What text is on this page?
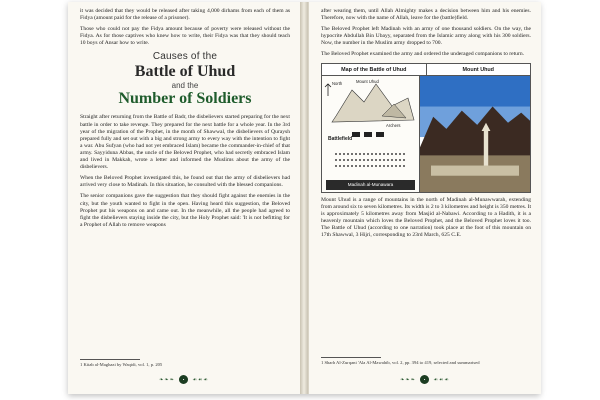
it was decided that they would be released after taking 4,000 dirhams from each of them as Fidya (amount paid for the release of a prisoner).

Those who could not pay the Fidya amount because of poverty were released without the Fidya. As for those captives who knew how to write, their Fidya was that they should teach 10 boys of Ansar how to write.

Causes of the
Battle of Uhud
and the
Number of Soldiers

Straight after returning from the Battle of Badr, the disbelievers started preparing for the next battle in order to take revenge. They prepared for the next battle for a whole year. In the 3rd year of the migration of the Prophet, in the month of Shawwal, the disbelievers of Quraysh prepared fully and set out with a big and strong army to every way with the intention to fight a war. Abu Sufyan (who had not yet embraced Islam) became the commander-in-chief of that army. Sayyiduna Abbas, the uncle of the Beloved Prophet, who had secretly embraced Islam and lived in Makkah, wrote a letter and informed the Muslims about the army of the disbelievers.

When the Beloved Prophet investigated this, he found out that the army of disbelievers had arrived very close to Madinah. In this situation, he consulted with the blessed companions.

The senior companions gave the suggestion that they should fight against the enemies in the city, but the youth wanted to fight in the open. Having heard this suggestion, the Beloved Prophet put his weapons on and came out. In the meanwhile, all the people had agreed to fight the disbelievers staying inside the city, but the Holy Prophet said: 'It is not befitting for a Prophet of Allah to remove weapons

1 Kitab al-Maghazi by Waqidi, vol. 1, p. 205
❧❧❧ • ☙☙☙

after wearing them, until Allah Almighty makes a decision between him and his enemies. Therefore, now with the name of Allah, leave for the (battle)field.

The Beloved Prophet left Madinah with an army of one thousand soldiers. On the way, the hypocrite Abdullah Bin Ubayy, separated from the Islamic army along with his 300 soldiers. Now, the number in the Muslim army dropped to 700.

The Beloved Prophet examined the army and ordered the underaged companions to return.

Map of the Battle of Uhud	Mount Uhud
North	Mount Uhud
Archers
Battlefield
Madinah al-Munawara

Mount Uhud is a range of mountains in the north of Madinah al-Munawwarah, extending from around six to seven kilometres. Its width is 2 to 3 kilometres and height is 350 metres. It is approximately 5 kilometres away from Masjid al-Nabawi. According to a Hadith, it is a heavenly mountain which loves the Beloved Prophet, and the Beloved Prophet loves it too. The Battle of Uhud (according to one narration) took place at the foot of this mountain on 17th Shawwal, 3 Hijri, corresponding to 23rd March, 625 C.E.

1 Sharh Al-Zurqani 'Ala Al-Mawahib, vol. 2, pp. 394 to 419, selected and summarised
❧❧❧ • ☙☙☙
